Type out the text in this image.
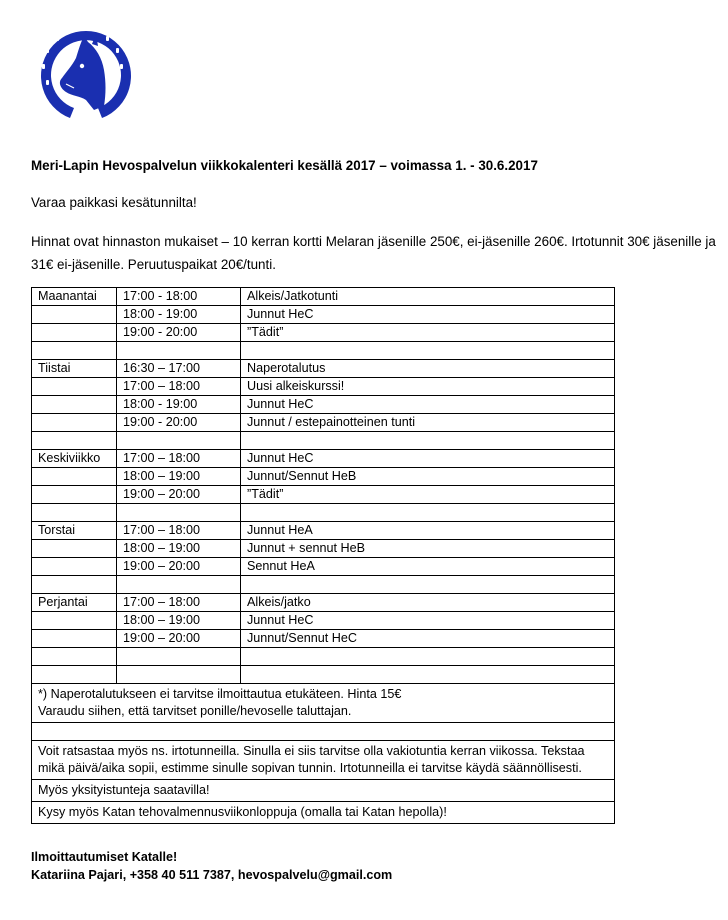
Meri-Lapin Hevospalvelun viikkokalenteri kesällä 2017 – voimassa 1. - 30.6.2017
Varaa paikkasi kesätunnilta!
Hinnat ovat hinnaston mukaiset – 10 kerran kortti Melaran jäsenille 250€, ei-jäsenille 260€. Irtotunnit 30€ jäsenille ja 31€ ei-jäsenille. Peruutuspaikat 20€/tunti.
Maanantai	17:00 - 18:00	Alkeis/Jatkotunti
	18:00 - 19:00	Junnut HeC
	19:00 - 20:00	”Tädit”

Tiistai	16:30 – 17:00	Naperotalutus
	17:00 – 18:00	Uusi alkeiskurssi!
	18:00 - 19:00	Junnut HeC
	19:00 - 20:00	Junnut / estepainotteinen tunti

Keskiviikko	17:00 – 18:00	Junnut HeC
	18:00 – 19:00	Junnut/Sennut HeB
	19:00 – 20:00	”Tädit”

Torstai	17:00 – 18:00	Junnut HeA
	18:00 – 19:00	Junnut + sennut HeB
	19:00 – 20:00	Sennut HeA

Perjantai	17:00 – 18:00	Alkeis/jatko
	18:00 – 19:00	Junnut HeC
	19:00 – 20:00	Junnut/Sennut HeC

*) Naperotalutukseen ei tarvitse ilmoittautua etukäteen. Hinta 15€
Varaudu siihen, että tarvitset ponille/hevoselle taluttajan.		

Voit ratsastaa myös ns. irtotunneilla. Sinulla ei siis tarvitse olla vakiotuntia kerran viikossa. Tekstaa mikä päivä/aika sopii, estimme sinulle sopivan tunnin. Irtotunneilla ei tarvitse käydä säännöllisesti.		

Myös yksityistunteja saatavilla!		

Kysy myös Katan tehovalmennusviikonloppuja (omalla tai Katan hepolla)!		
Ilmoittautumiset Katalle!
Katariina Pajari, +358 40 511 7387, hevospalvelu@gmail.com
